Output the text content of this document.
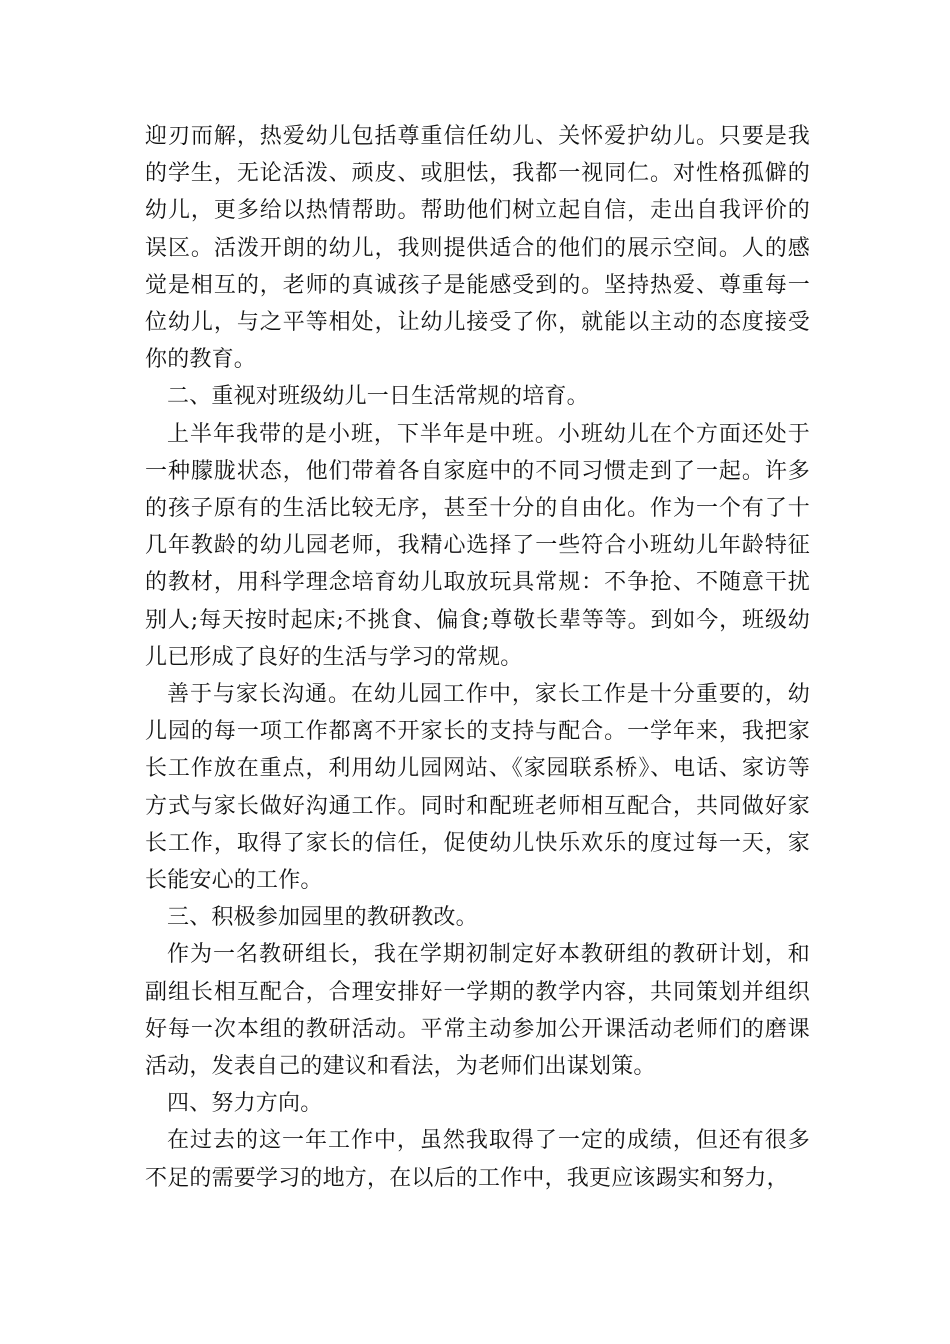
迎刃而解，热爱幼儿包括尊重信任幼儿、关怀爱护幼儿。只要是我的学生，无论活泼、顽皮、或胆怯，我都一视同仁。对性格孤僻的幼儿，更多给以热情帮助。帮助他们树立起自信，走出自我评价的误区。活泼开朗的幼儿，我则提供适合的他们的展示空间。人的感觉是相互的，老师的真诚孩子是能感受到的。坚持热爱、尊重每一位幼儿，与之平等相处，让幼儿接受了你，就能以主动的态度接受你的教育。

二、重视对班级幼儿一日生活常规的培育。

上半年我带的是小班，下半年是中班。小班幼儿在个方面还处于一种朦胧状态，他们带着各自家庭中的不同习惯走到了一起。许多的孩子原有的生活比较无序，甚至十分的自由化。作为一个有了十几年教龄的幼儿园老师，我精心选择了一些符合小班幼儿年龄特征的教材，用科学理念培育幼儿取放玩具常规：不争抢、不随意干扰别人;每天按时起床;不挑食、偏食;尊敬长辈等等。到如今，班级幼儿已形成了良好的生活与学习的常规。

善于与家长沟通。在幼儿园工作中，家长工作是十分重要的，幼儿园的每一项工作都离不开家长的支持与配合。一学年来，我把家长工作放在重点，利用幼儿园网站、《家园联系桥》、电话、家访等方式与家长做好沟通工作。同时和配班老师相互配合，共同做好家长工作，取得了家长的信任，促使幼儿快乐欢乐的度过每一天，家长能安心的工作。

三、积极参加园里的教研教改。

作为一名教研组长，我在学期初制定好本教研组的教研计划，和副组长相互配合，合理安排好一学期的教学内容，共同策划并组织好每一次本组的教研活动。平常主动参加公开课活动老师们的磨课活动，发表自己的建议和看法，为老师们出谋划策。

四、努力方向。

在过去的这一年工作中，虽然我取得了一定的成绩，但还有很多不足的需要学习的地方，在以后的工作中，我更应该踢实和努力，
